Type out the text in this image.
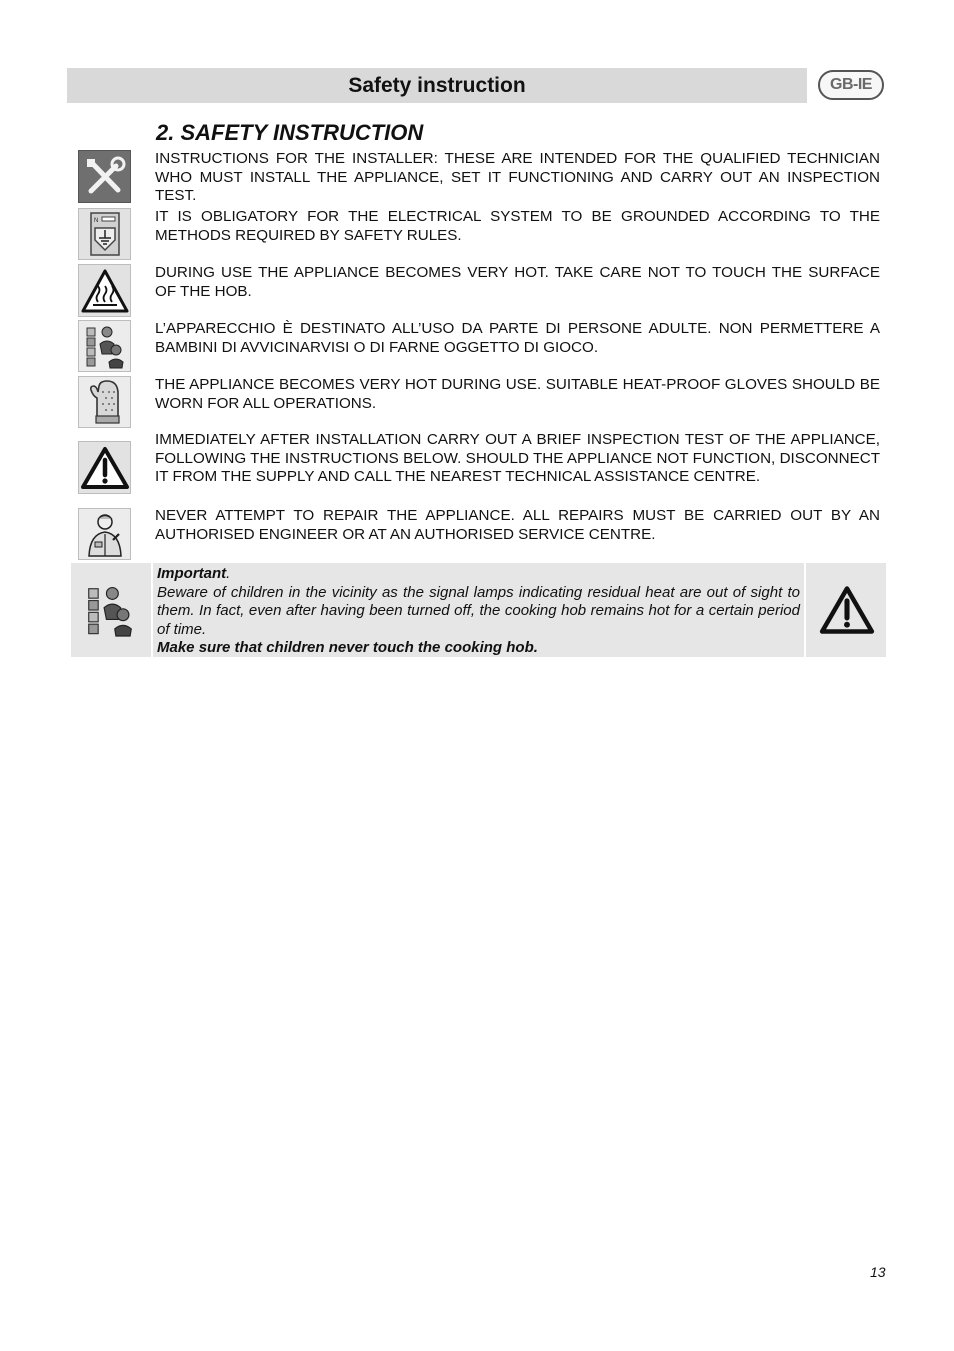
Safety instruction	GB-IE
2. SAFETY INSTRUCTION

INSTRUCTIONS FOR THE INSTALLER: THESE ARE INTENDED FOR THE QUALIFIED TECHNICIAN WHO MUST INSTALL THE APPLIANCE, SET IT FUNCTIONING AND CARRY OUT AN INSPECTION TEST.

N	IT IS OBLIGATORY FOR THE ELECTRICAL SYSTEM TO BE GROUNDED ACCORDING TO THE METHODS REQUIRED BY SAFETY RULES.

DURING USE THE APPLIANCE BECOMES VERY HOT. TAKE CARE NOT TO TOUCH THE SURFACE OF THE HOB.

L’APPARECCHIO È DESTINATO ALL’USO DA PARTE DI PERSONE ADULTE. NON PERMETTERE A BAMBINI DI AVVICINARVISI O DI FARNE OGGETTO DI GIOCO.

THE APPLIANCE BECOMES VERY HOT DURING USE. SUITABLE HEAT-PROOF GLOVES SHOULD BE WORN FOR ALL OPERATIONS.

IMMEDIATELY AFTER INSTALLATION CARRY OUT A BRIEF INSPECTION TEST OF THE APPLIANCE, FOLLOWING THE INSTRUCTIONS BELOW. SHOULD THE APPLIANCE NOT FUNCTION, DISCONNECT IT FROM THE SUPPLY AND CALL THE NEAREST TECHNICAL ASSISTANCE CENTRE.

NEVER ATTEMPT TO REPAIR THE APPLIANCE. ALL REPAIRS MUST BE CARRIED OUT BY AN AUTHORISED ENGINEER OR AT AN AUTHORISED SERVICE CENTRE.

Important.
Beware of children in the vicinity as the signal lamps indicating residual heat are out of sight to them. In fact, even after having been turned off, the cooking hob remains hot for a certain period of time.
Make sure that children never touch the cooking hob.
13
